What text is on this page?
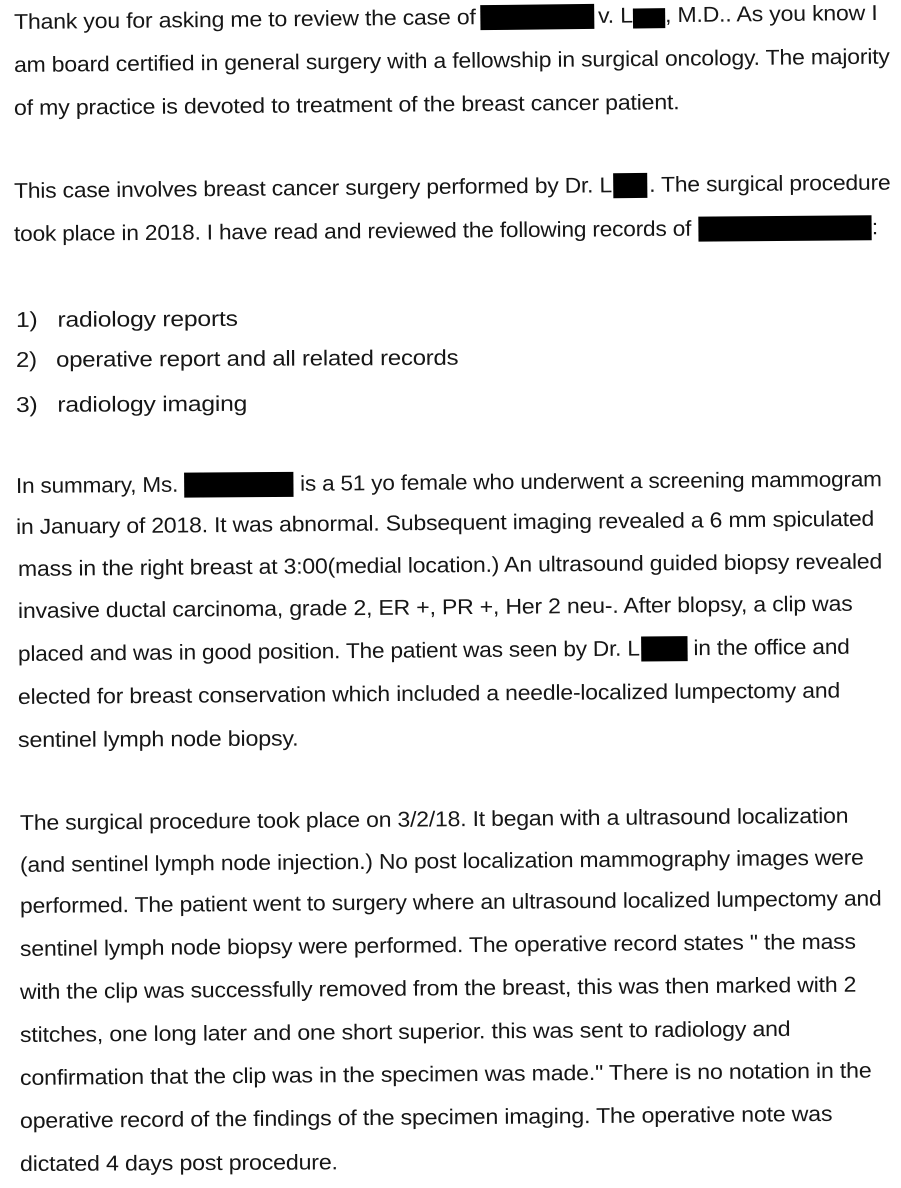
Thank you for asking me to review the case of	v. L , M.D.. As you know I
am board certified in general surgery with a fellowship in surgical oncology. The majority
of my practice is devoted to treatment of the breast cancer patient.
This case involves breast cancer surgery performed by Dr. L . The surgical procedure
took place in 2018. I have read and reviewed the following records of	:
1) radiology reports
2) operative report and all related records
3) radiology imaging
In summary, Ms.	is a 51 yo female who underwent a screening mammogram
in January of 2018. It was abnormal. Subsequent imaging revealed a 6 mm spiculated
mass in the right breast at 3:00(medial location.) An ultrasound guided biopsy revealed
invasive ductal carcinoma, grade 2, ER +, PR +, Her 2 neu-. After blopsy, a clip was
placed and was in good position. The patient was seen by Dr. L in the office and
elected for breast conservation which included a needle-localized lumpectomy and
sentinel lymph node biopsy.
The surgical procedure took place on 3/2/18. It began with a ultrasound localization
(and sentinel lymph node injection.) No post localization mammography images were
performed. The patient went to surgery where an ultrasound localized lumpectomy and
sentinel lymph node biopsy were performed. The operative record states " the mass
with the clip was successfully removed from the breast, this was then marked with 2
stitches, one long later and one short superior. this was sent to radiology and
confirmation that the clip was in the specimen was made." There is no notation in the
operative record of the findings of the specimen imaging. The operative note was
dictated 4 days post procedure.
